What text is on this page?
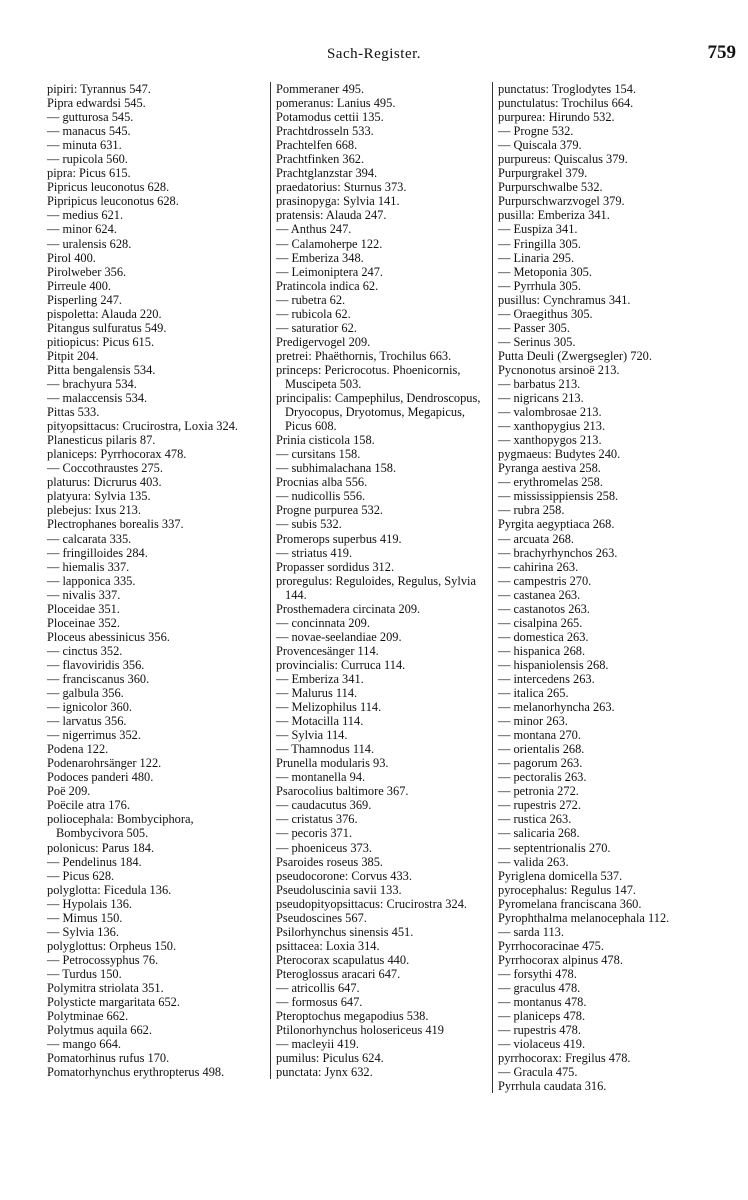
Sach-Register.	759
pipiri: Tyrannus 547.
Pipra edwardsi 545.
— gutturosa 545.
— manacus 545.
— minuta 631.
— rupicola 560.
pipra: Picus 615.
Pipricus leuconotus 628.
Pipripicus leuconotus 628.
— medius 621.
— minor 624.
— uralensis 628.
Pirol 400.
Pirolweber 356.
Pirreule 400.
Pisperling 247.
pispoletta: Alauda 220.
Pitangus sulfuratus 549.
pitiopicus: Picus 615.
Pitpit 204.
Pitta bengalensis 534.
— brachyura 534.
— malaccensis 534.
Pittas 533.
pityopsittacus: Crucirostra, Loxia 324.
Planesticus pilaris 87.
planiceps: Pyrrhocorax 478.
— Coccothraustes 275.
platurus: Dicrurus 403.
platyura: Sylvia 135.
plebejus: Ixus 213.
Plectrophanes borealis 337.
— calcarata 335.
— fringilloides 284.
— hiemalis 337.
— lapponica 335.
— nivalis 337.
Ploceidae 351.
Ploceinae 352.
Ploceus abessinicus 356.
— cinctus 352.
— flavoviridis 356.
— franciscanus 360.
— galbula 356.
— ignicolor 360.
— larvatus 356.
— nigerrimus 352.
Podena 122.
Podenarohrsänger 122.
Podoces panderi 480.
Poë 209.
Poëcile atra 176.
poliocephala: Bombyciphora, Bombycivora 505.
polonicus: Parus 184.
— Pendelinus 184.
— Picus 628.
polyglotta: Ficedula 136.
— Hypolais 136.
— Mimus 150.
— Sylvia 136.
polyglottus: Orpheus 150.
— Petrocossyphus 76.
— Turdus 150.
Polymitra striolata 351.
Polysticte margaritata 652.
Polytminae 662.
Polytmus aquila 662.
— mango 664.
Pomatorhinus rufus 170.
Pomatorhynchus erythropterus 498.
Pommeraner 495.
pomeranus: Lanius 495.
Potamodus cettii 135.
Prachtdrosseln 533.
Prachtelfen 668.
Prachtfinken 362.
Prachtglanzstar 394.
praedatorius: Sturnus 373.
prasinopyga: Sylvia 141.
pratensis: Alauda 247.
— Anthus 247.
— Calamoherpe 122.
— Emberiza 348.
— Leimoniptera 247.
Pratincola indica 62.
— rubetra 62.
— rubicola 62.
— saturatior 62.
Predigervogel 209.
pretrei: Phaëthornis, Trochilus 663.
princeps: Pericrocotus. Phoenicornis, Muscipeta 503.
principalis: Campephilus, Dendroscopus, Dryocopus, Dryotomus, Megapicus, Picus 608.
Prinia cisticola 158.
— cursitans 158.
— subhimalachana 158.
Procnias alba 556.
— nudicollis 556.
Progne purpurea 532.
— subis 532.
Promerops superbus 419.
— striatus 419.
Propasser sordidus 312.
proregulus: Reguloides, Regulus, Sylvia 144.
Prosthemadera circinata 209.
— concinnata 209.
— novae-seelandiae 209.
Provencesänger 114.
provincialis: Curruca 114.
— Emberiza 341.
— Malurus 114.
— Melizophilus 114.
— Motacilla 114.
— Sylvia 114.
— Thamnodus 114.
Prunella modularis 93.
— montanella 94.
Psarocolius baltimore 367.
— caudacutus 369.
— cristatus 376.
— pecoris 371.
— phoeniceus 373.
Psaroides roseus 385.
pseudocorone: Corvus 433.
Pseudoluscinia savii 133.
pseudopityopsittacus: Crucirostra 324.
Pseudoscines 567.
Psilorhynchus sinensis 451.
psittacea: Loxia 314.
Pterocorax scapulatus 440.
Pteroglossus aracari 647.
— atricollis 647.
— formosus 647.
Pteroptochus megapodius 538.
Ptilonorhynchus holosericeus 419
— macleyii 419.
pumilus: Piculus 624.
punctata: Jynx 632.
punctatus: Troglodytes 154.
punctulatus: Trochilus 664.
purpurea: Hirundo 532.
— Progne 532.
— Quiscala 379.
purpureus: Quiscalus 379.
Purpurgrakel 379.
Purpurschwalbe 532.
Purpurschwarzvogel 379.
pusilla: Emberiza 341.
— Euspiza 341.
— Fringilla 305.
— Linaria 295.
— Metoponia 305.
— Pyrrhula 305.
pusillus: Cynchramus 341.
— Oraegithus 305.
— Passer 305.
— Serinus 305.
Putta Deuli (Zwergsegler) 720.
Pycnonotus arsinoë 213.
— barbatus 213.
— nigricans 213.
— valombrosae 213.
— xanthopygius 213.
— xanthopygos 213.
pygmaeus: Budytes 240.
Pyranga aestiva 258.
— erythromelas 258.
— mississippiensis 258.
— rubra 258.
Pyrgita aegyptiaca 268.
— arcuata 268.
— brachyrhynchos 263.
— cahirina 263.
— campestris 270.
— castanea 263.
— castanotos 263.
— cisalpina 265.
— domestica 263.
— hispanica 268.
— hispaniolensis 268.
— intercedens 263.
— italica 265.
— melanorhyncha 263.
— minor 263.
— montana 270.
— orientalis 268.
— pagorum 263.
— pectoralis 263.
— petronia 272.
— rupestris 272.
— rustica 263.
— salicaria 268.
— septentrionalis 270.
— valida 263.
Pyriglena domicella 537.
pyrocephalus: Regulus 147.
Pyromelana franciscana 360.
Pyrophthalma melanocephala 112.
— sarda 113.
Pyrrhocoracinae 475.
Pyrrhocorax alpinus 478.
— forsythi 478.
— graculus 478.
— montanus 478.
— planiceps 478.
— rupestris 478.
— violaceus 419.
pyrrhocorax: Fregilus 478.
— Gracula 475.
Pyrrhula caudata 316.
